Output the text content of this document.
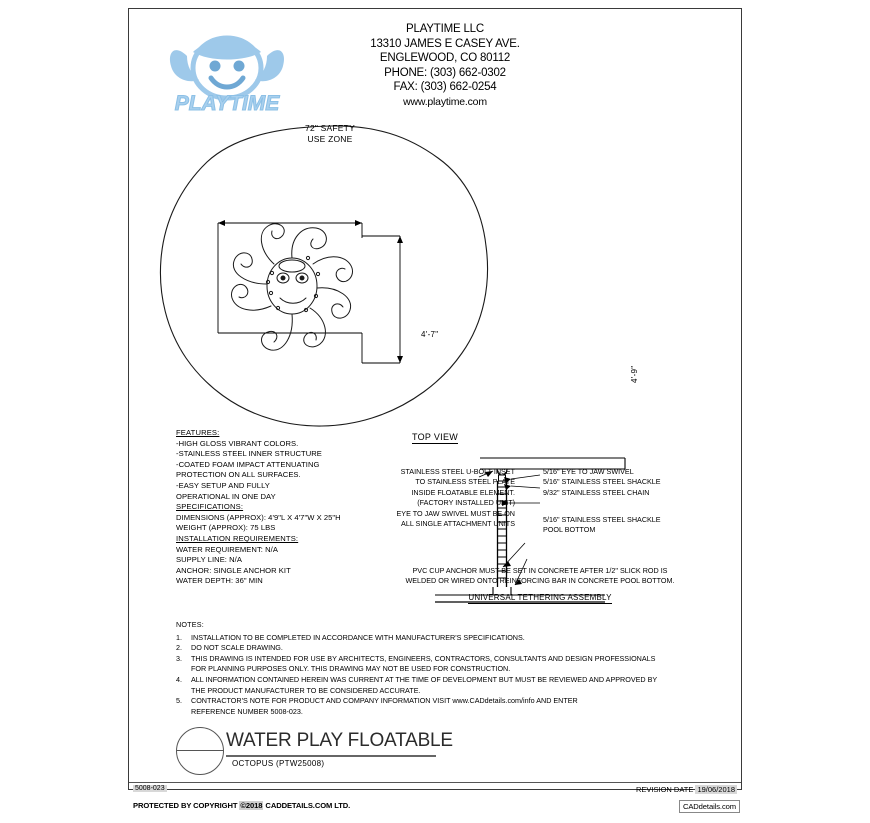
PLAYTIME
PLAYTIME LLC
13310 JAMES E CASEY AVE.
ENGLEWOOD, CO 80112
PHONE: (303) 662-0302
FAX: (303) 662-0254
www.playtime.com
72" SAFETY
USE ZONE
4'-7"
4'-9"
TOP VIEW
FEATURES:
-HIGH GLOSS VIBRANT COLORS.
-STAINLESS STEEL INNER STRUCTURE
-COATED FOAM IMPACT ATTENUATING
PROTECTION ON ALL SURFACES.
-EASY SETUP AND FULLY
OPERATIONAL IN ONE DAY
SPECIFICATIONS:
DIMENSIONS (APPROX): 4'9"L X 4'7"W X 25"H
WEIGHT (APPROX): 75 LBS
INSTALLATION REQUIREMENTS:
WATER REQUIREMENT: N/A
SUPPLY LINE: N/A
ANCHOR: SINGLE ANCHOR KIT
WATER DEPTH: 36" MIN
STAINLESS STEEL U-BOLT INSET
TO STAINLESS STEEL PLATE
INSIDE FLOATABLE ELEMENT.
(FACTORY INSTALLED UNIT)
EYE TO JAW SWIVEL MUST BE ON
ALL SINGLE ATTACHMENT UNITS
5/16" EYE TO JAW SWIVEL
5/16" STAINLESS STEEL SHACKLE
9/32" STAINLESS STEEL CHAIN
5/16" STAINLESS STEEL SHACKLE
POOL BOTTOM
PVC CUP ANCHOR MUST BE SET IN CONCRETE AFTER 1/2" SLICK ROD IS
WELDED OR WIRED ONTO REINFORCING BAR IN CONCRETE POOL BOTTOM.
UNIVERSAL TETHERING ASSEMBLY
NOTES:
1.	INSTALLATION TO BE COMPLETED IN ACCORDANCE WITH MANUFACTURER'S SPECIFICATIONS.
2.	DO NOT SCALE DRAWING.
3.	THIS DRAWING IS INTENDED FOR USE BY ARCHITECTS, ENGINEERS, CONTRACTORS, CONSULTANTS AND DESIGN PROFESSIONALS
FOR PLANNING PURPOSES ONLY. THIS DRAWING MAY NOT BE USED FOR CONSTRUCTION.
4.	ALL INFORMATION CONTAINED HEREIN WAS CURRENT AT THE TIME OF DEVELOPMENT BUT MUST BE REVIEWED AND APPROVED BY
THE PRODUCT MANUFACTURER TO BE CONSIDERED ACCURATE.
5.	CONTRACTOR'S NOTE FOR PRODUCT AND COMPANY INFORMATION VISIT www.CADdetails.com/info AND ENTER
REFERENCE NUMBER 5008-023.
WATER PLAY FLOATABLE
OCTOPUS (PTW25008)
5008-023	REVISION DATE 19/06/2018
PROTECTED BY COPYRIGHT ©2018 CADDETAILS.COM LTD.	CADdetails.com
